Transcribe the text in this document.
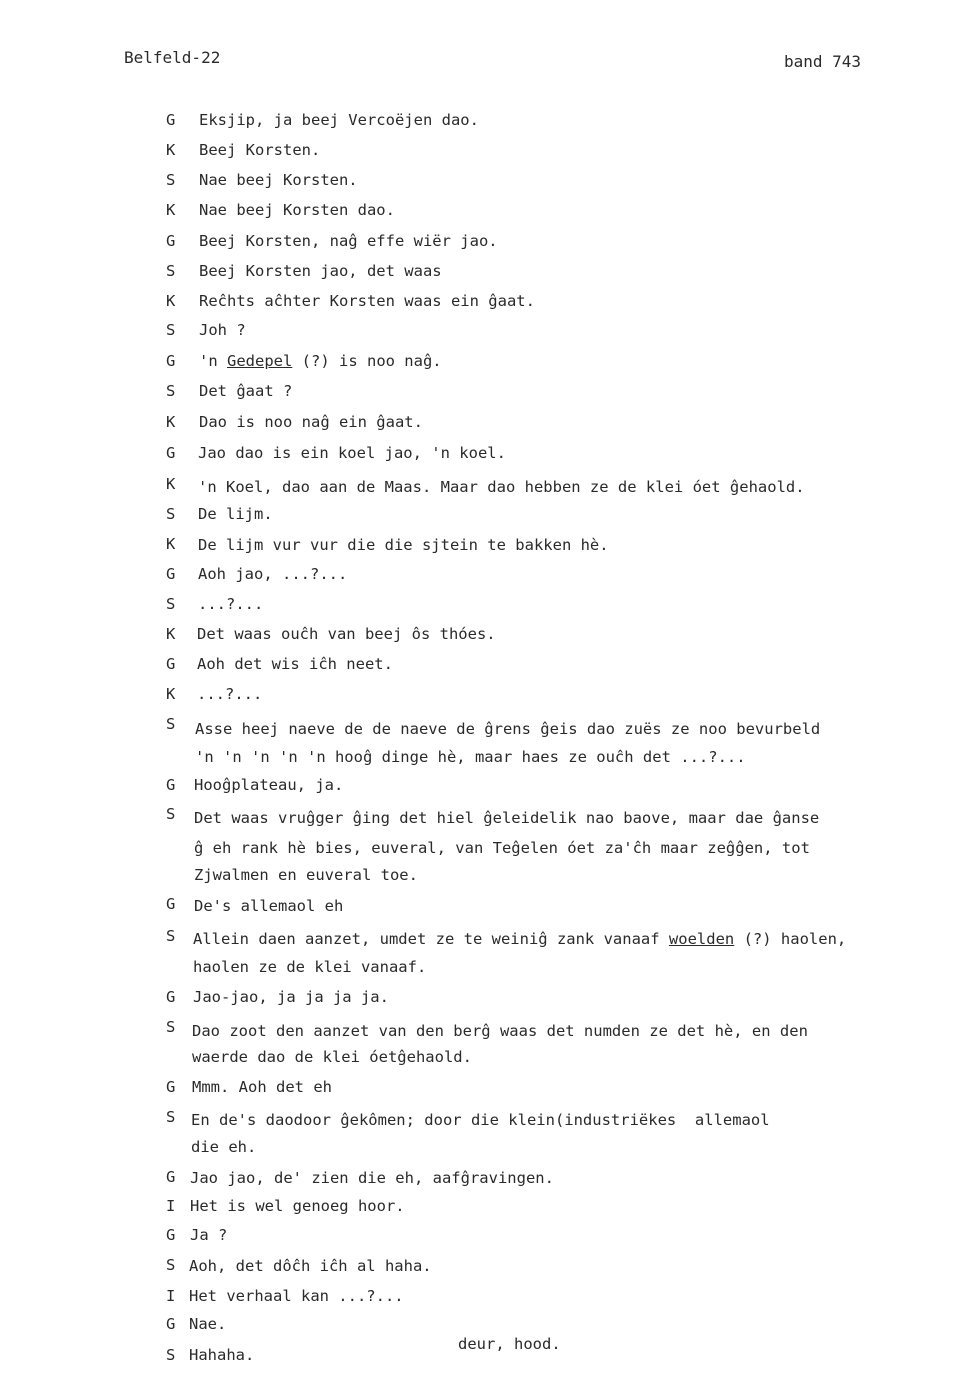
Belfeld-22	band 743
G Eksjip, ja beej Vercoëjen dao.
K Beej Korsten.
S Nae beej Korsten.
K Nae beej Korsten dao.
G Beej Korsten, naĝ effe wiër jao.
S Beej Korsten jao, det waas
K Reĉhts aĉhter Korsten waas ein ĝaat.
S Joh ?
G 'n Gedepel (?) is noo naĝ.
S Det ĝaat ?
K Dao is noo naĝ ein ĝaat.
G Jao dao is ein koel jao, 'n koel.
K 'n Koel, dao aan de Maas. Maar dao hebben ze de klei óet ĝehaold.
S De lijm.
K De lijm vur vur die die sjtein te bakken hè.
G Aoh jao, ...?...
S ...?...
K Det waas ouĉh van beej ôs thóes.
G Aoh det wis iĉh neet.
K ...?...
S Asse heej naeve de de naeve de ĝrens ĝeis dao zuës ze noo bevurbeld
'n 'n 'n 'n 'n hooĝ dinge hè, maar haes ze ouĉh det ...?...
G Hooĝplateau, ja.
S Det waas vruĝger ĝing det hiel ĝeleidelik nao baove, maar dae ĝanse
ĝ eh rank hè bies, euveral, van Teĝelen óet za'ĉh maar zeĝĝen, tot
Zjwalmen en euveral toe.
G De's allemaol eh
S Allein daen aanzet, umdet ze te weiniĝ zank vanaaf woelden (?) haolen,
haolen ze de klei vanaaf.
G Jao-jao, ja ja ja ja.
S Dao zoot den aanzet van den berĝ waas det numden ze det hè, en den
waerde dao de klei óetĝehaold.
G Mmm. Aoh det eh
S En de's daodoor ĝekômen; door die klein(industriëkes  allemaol
die eh.
G Jao jao, de' zien die eh, aafĝravingen.
I Het is wel genoeg hoor.
G Ja ?
S Aoh, det dôĉh iĉh al haha.
I Het verhaal kan ...?...
G Nae.
S Hahaha.
deur, hood.
